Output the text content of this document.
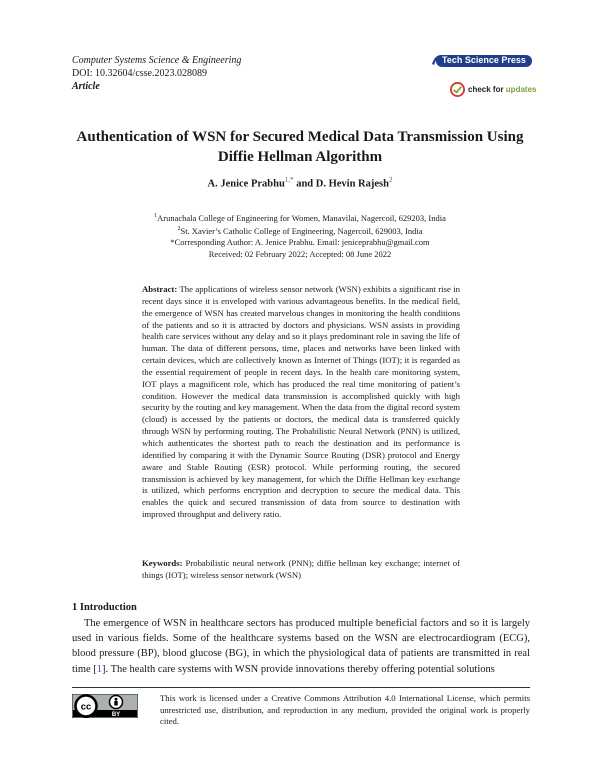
Computer Systems Science & Engineering
DOI: 10.32604/csse.2023.028089
Article
Tech Science Press
check for updates
Authentication of WSN for Secured Medical Data Transmission Using Diffie Hellman Algorithm
A. Jenice Prabhu$^{1,*}$ and D. Hevin Rajesh$^2$
$^1$Arunachala College of Engineering for Women, Manavilai, Nagercoil, 629203, India
$^2$St. Xavier’s Catholic College of Engineering, Nagercoil, 629003, India
*Corresponding Author: A. Jenice Prabhu. Email: jeniceprabhu@gmail.com
Received: 02 February 2022; Accepted: 08 June 2022

Abstract: The applications of wireless sensor network (WSN) exhibits a significant rise in recent days since it is enveloped with various advantageous benefits. In the medical field, the emergence of WSN has created marvelous changes in monitoring the health conditions of the patients and so it is attracted by doctors and physicians. WSN assists in providing health care services without any delay and so it plays predominant role in saving the life of human. The data of different persons, time, places and networks have been linked with certain devices, which are collectively known as Internet of Things (IOT); it is regarded as the essential requirement of people in recent days. In the health care monitoring system, IOT plays a magnificent role, which has produced the real time monitoring of patient’s condition. However the medical data transmission is accomplished quickly with high security by the routing and key management. When the data from the digital record system (cloud) is accessed by the patients or doctors, the medical data is transferred quickly through WSN by performing routing. The Probabilistic Neural Network (PNN) is utilized, which authenticates the shortest path to reach the destination and its performance is identified by comparing it with the Dynamic Source Routing (DSR) protocol and Energy aware and Stable Routing (ESR) protocol. While performing routing, the secured transmission is achieved by key management, for which the Diffie Hellman key exchange is utilized, which performs encryption and decryption to secure the medical data. This enables the quick and secured transmission of data from source to destination with improved throughput and delivery ratio.

Keywords: Probabilistic neural network (PNN); diffie hellman key exchange; internet of things (IOT); wireless sensor network (WSN)

1 Introduction

The emergence of WSN in healthcare sectors has produced multiple beneficial factors and so it is largely used in various fields. Some of the healthcare systems based on the WSN are electrocardiogram (ECG), blood pressure (BP), blood glucose (BG), in which the physiological data of patients are transmitted in real time [1]. The health care systems with WSN provide innovations thereby offering potential solutions

cc
BY

This work is licensed under a Creative Commons Attribution 4.0 International License, which permits unrestricted use, distribution, and reproduction in any medium, provided the original work is properly cited.
